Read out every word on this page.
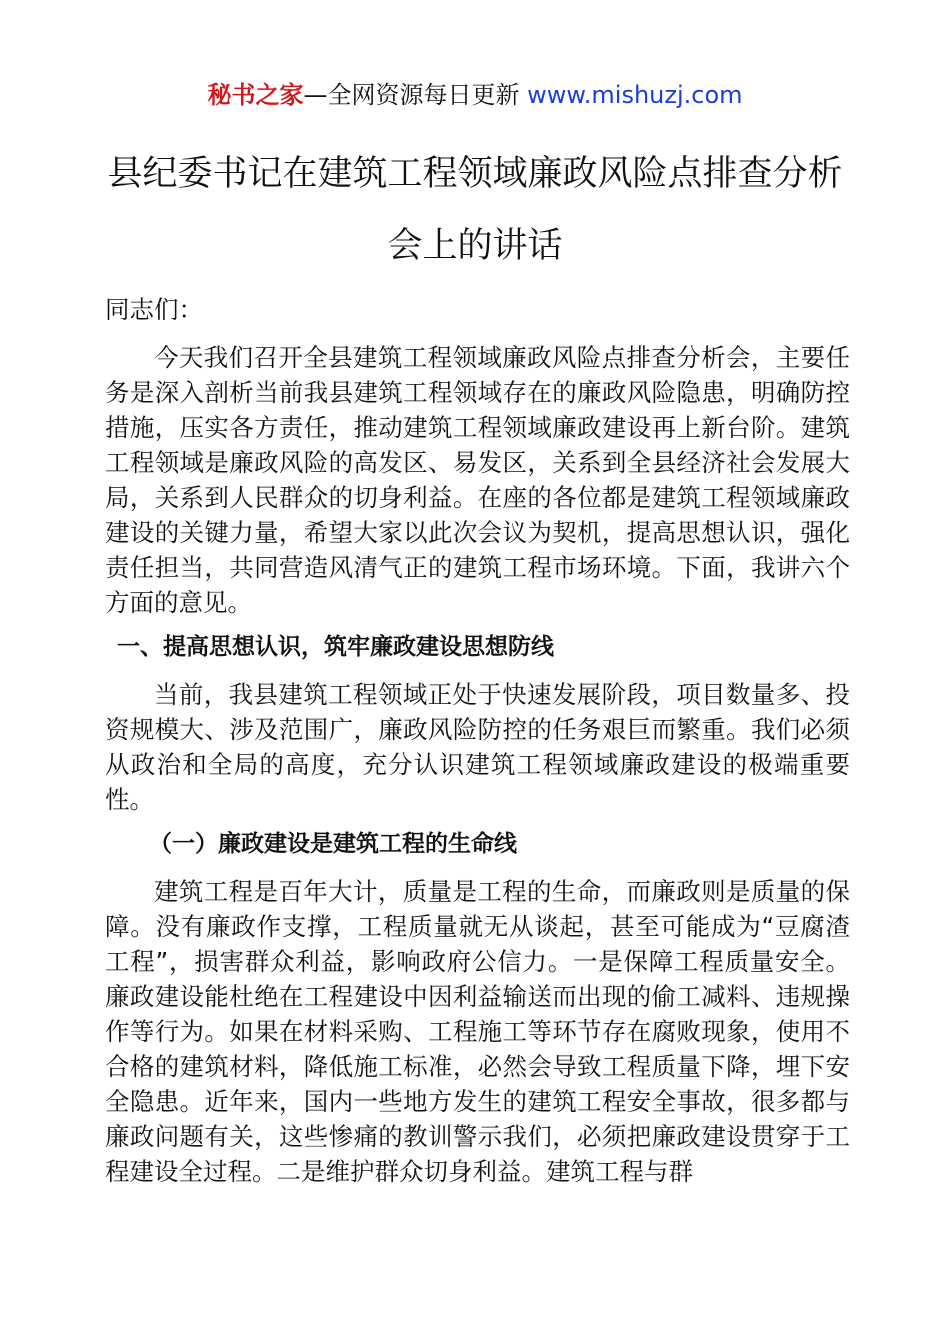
秘书之家—全网资源每日更新 www.mishuzj.com
县纪委书记在建筑工程领域廉政风险点排查分析
会上的讲话
同志们：
今天我们召开全县建筑工程领域廉政风险点排查分析会，主要任务是深入剖析当前我县建筑工程领域存在的廉政风险隐患，明确防控措施，压实各方责任，推动建筑工程领域廉政建设再上新台阶。建筑工程领域是廉政风险的高发区、易发区，关系到全县经济社会发展大局，关系到人民群众的切身利益。在座的各位都是建筑工程领域廉政建设的关键力量，希望大家以此次会议为契机，提高思想认识，强化责任担当，共同营造风清气正的建筑工程市场环境。下面，我讲六个方面的意见。
一、提高思想认识，筑牢廉政建设思想防线
当前，我县建筑工程领域正处于快速发展阶段，项目数量多、投资规模大、涉及范围广，廉政风险防控的任务艰巨而繁重。我们必须从政治和全局的高度，充分认识建筑工程领域廉政建设的极端重要性。
（一）廉政建设是建筑工程的生命线
建筑工程是百年大计，质量是工程的生命，而廉政则是质量的保障。没有廉政作支撑，工程质量就无从谈起，甚至可能成为“豆腐渣工程”，损害群众利益，影响政府公信力。一是保障工程质量安全。廉政建设能杜绝在工程建设中因利益输送而出现的偷工减料、违规操作等行为。如果在材料采购、工程施工等环节存在腐败现象，使用不合格的建筑材料，降低施工标准，必然会导致工程质量下降，埋下安全隐患。近年来，国内一些地方发生的建筑工程安全事故，很多都与廉政问题有关，这些惨痛的教训警示我们，必须把廉政建设贯穿于工程建设全过程。二是维护群众切身利益。建筑工程与群
